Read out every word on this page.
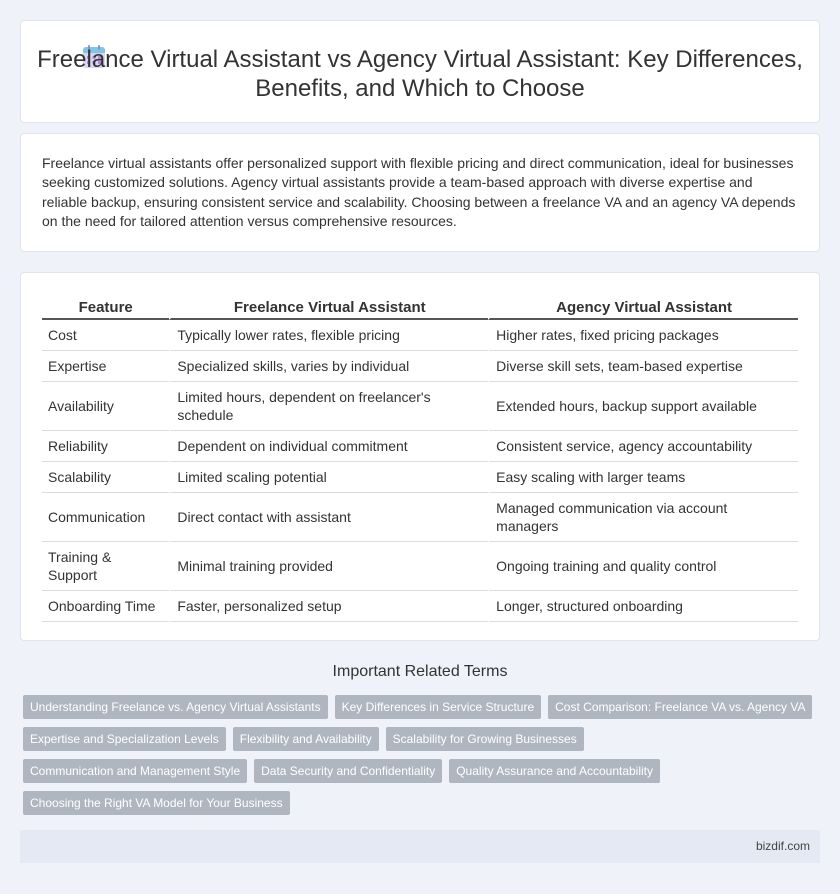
Freelance Virtual Assistant vs Agency Virtual Assistant: Key Differences, Benefits, and Which to Choose

Freelance virtual assistants offer personalized support with flexible pricing and direct communication, ideal for businesses seeking customized solutions. Agency virtual assistants provide a team-based approach with diverse expertise and reliable backup, ensuring consistent service and scalability. Choosing between a freelance VA and an agency VA depends on the need for tailored attention versus comprehensive resources.

Feature	Freelance Virtual Assistant	Agency Virtual Assistant
Cost	Typically lower rates, flexible pricing	Higher rates, fixed pricing packages
Expertise	Specialized skills, varies by individual	Diverse skill sets, team-based expertise
Availability	Limited hours, dependent on freelancer's schedule	Extended hours, backup support available
Reliability	Dependent on individual commitment	Consistent service, agency accountability
Scalability	Limited scaling potential	Easy scaling with larger teams
Communication	Direct contact with assistant	Managed communication via account managers
Training & Support	Minimal training provided	Ongoing training and quality control
Onboarding Time	Faster, personalized setup	Longer, structured onboarding
Important Related Terms
Understanding Freelance vs. Agency Virtual Assistants	Key Differences in Service Structure	Cost Comparison: Freelance VA vs. Agency VA
Expertise and Specialization Levels	Flexibility and Availability	Scalability for Growing Businesses
Communication and Management Style	Data Security and Confidentiality	Quality Assurance and Accountability
Choosing the Right VA Model for Your Business
bizdif.com
